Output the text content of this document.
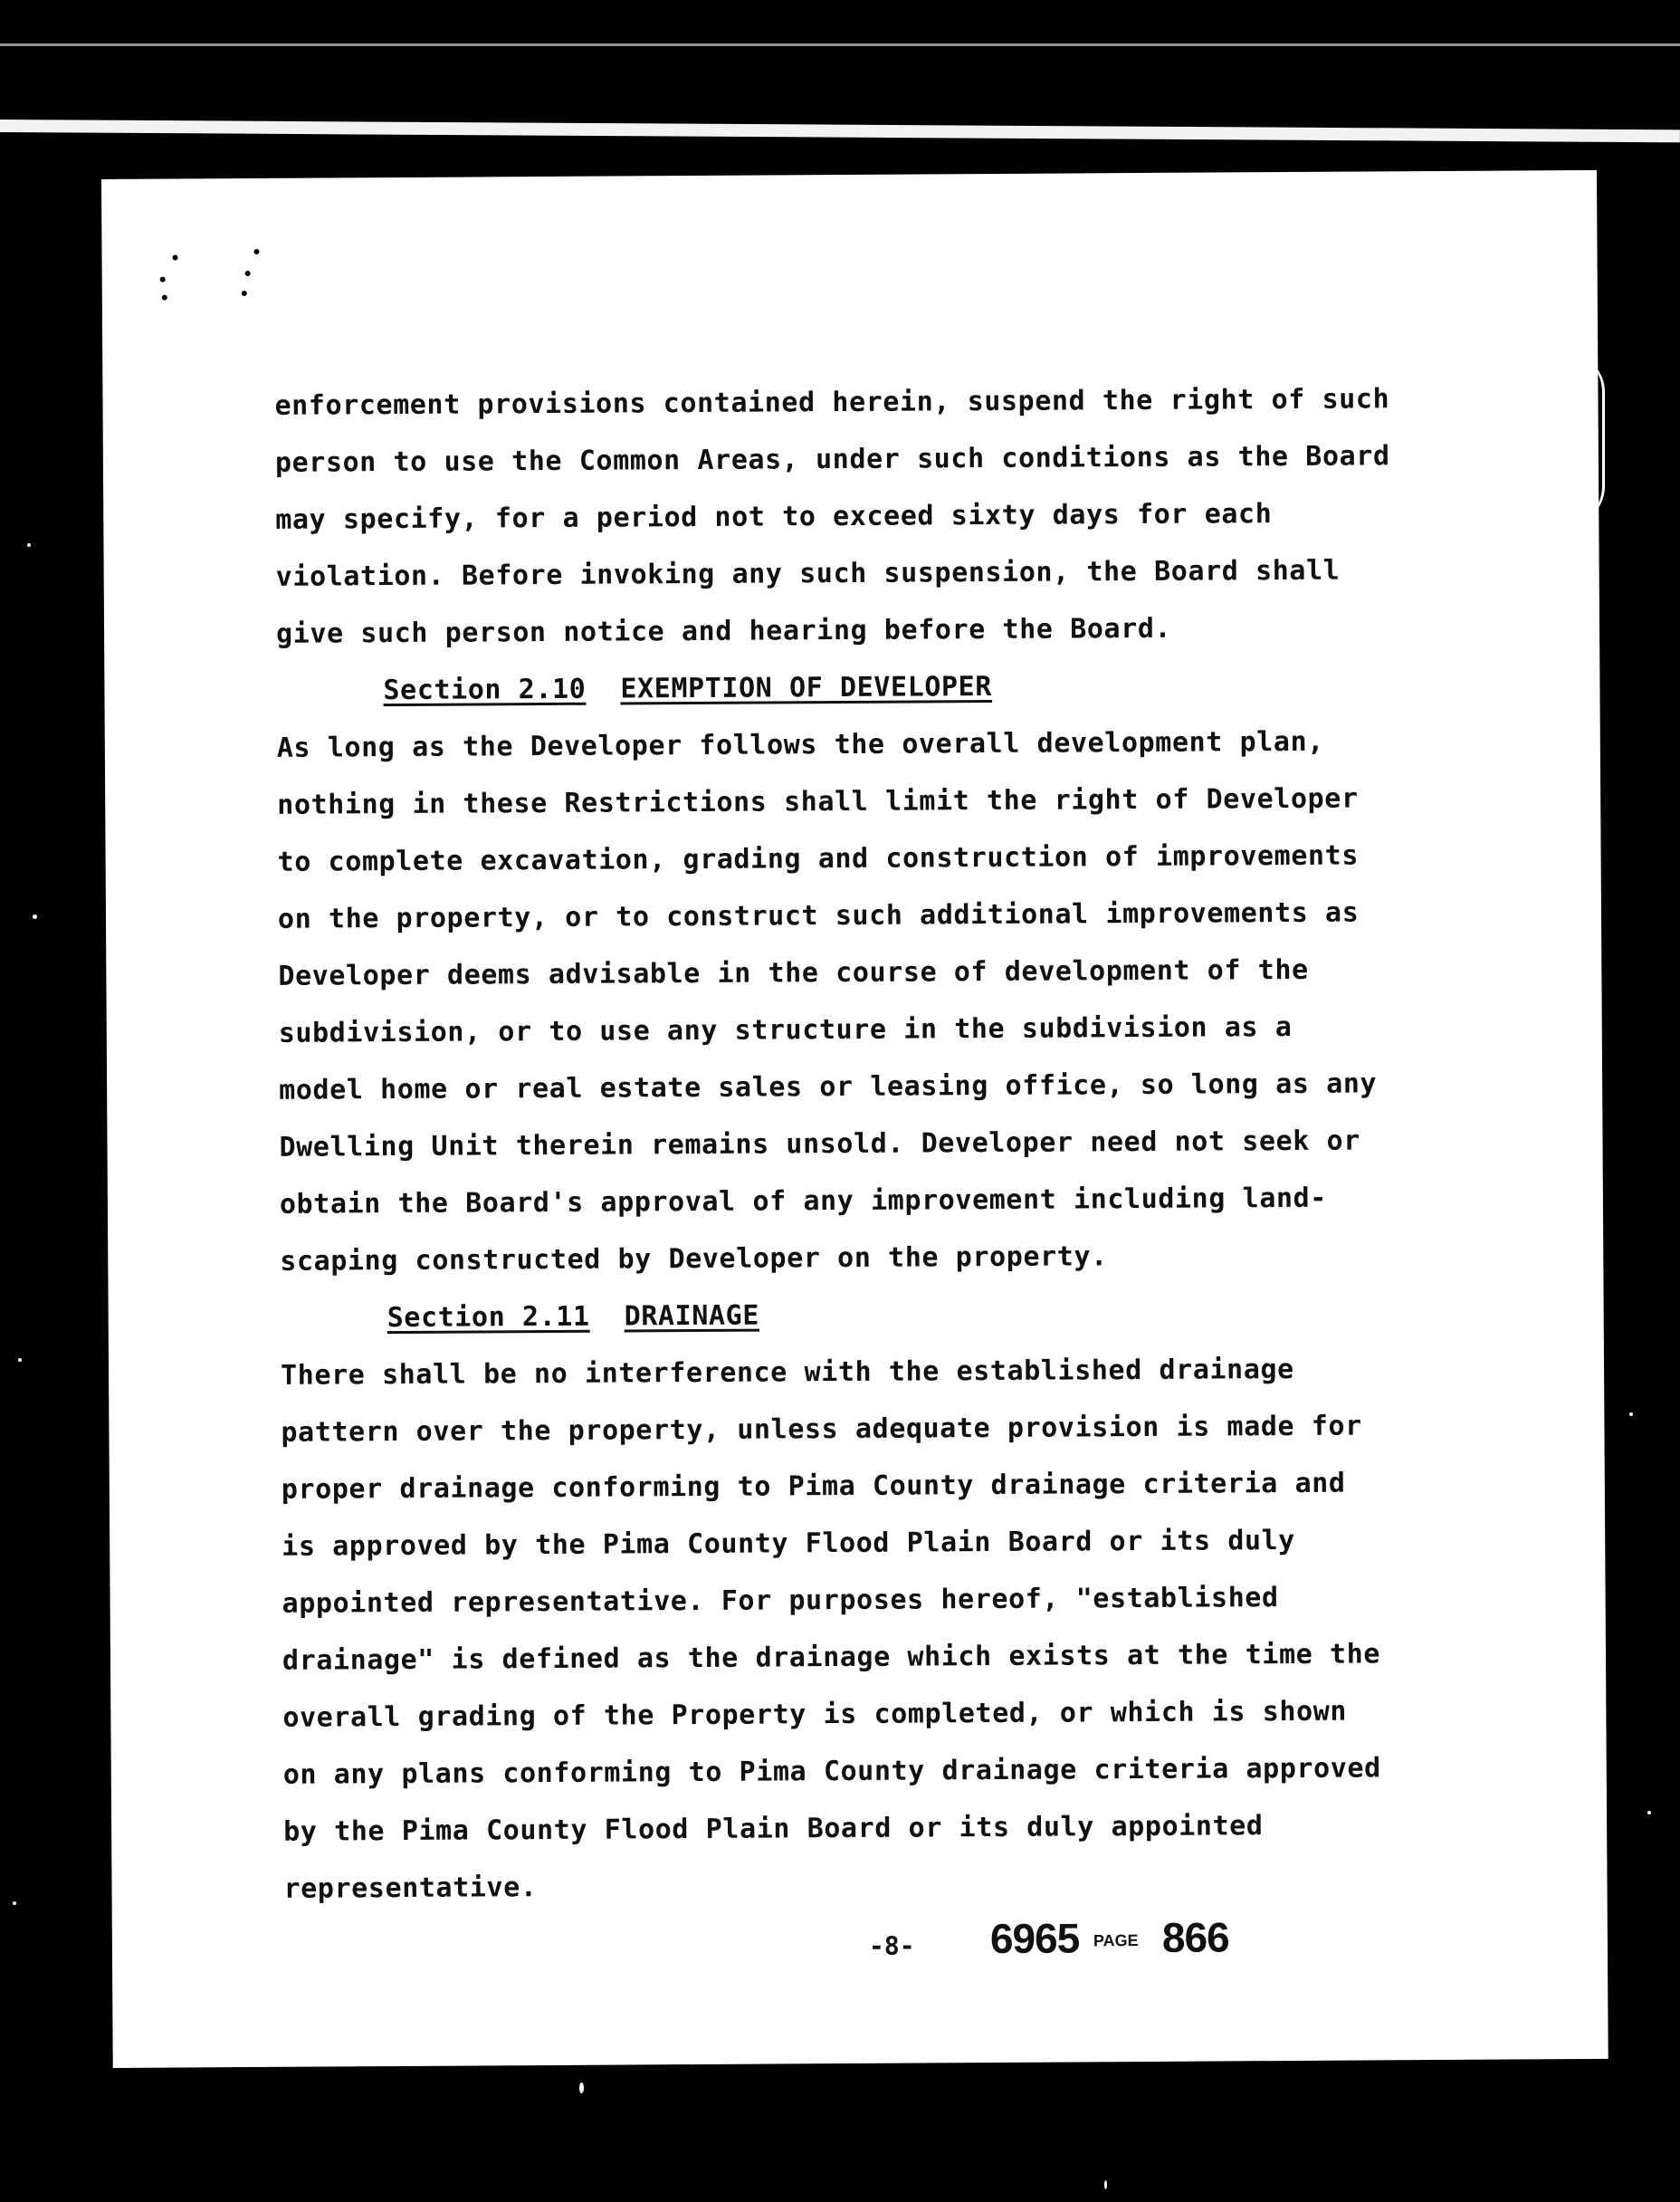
enforcement provisions contained herein, suspend the right of such
person to use the Common Areas, under such conditions as the Board
may specify, for a period not to exceed sixty days for each
violation. Before invoking any such suspension, the Board shall
give such person notice and hearing before the Board.
Section 2.10 EXEMPTION OF DEVELOPER
As long as the Developer follows the overall development plan,
nothing in these Restrictions shall limit the right of Developer
to complete excavation, grading and construction of improvements
on the property, or to construct such additional improvements as
Developer deems advisable in the course of development of the
subdivision, or to use any structure in the subdivision as a
model home or real estate sales or leasing office, so long as any
Dwelling Unit therein remains unsold. Developer need not seek or
obtain the Board's approval of any improvement including land-
scaping constructed by Developer on the property.
Section 2.11 DRAINAGE
There shall be no interference with the established drainage
pattern over the property, unless adequate provision is made for
proper drainage conforming to Pima County drainage criteria and
is approved by the Pima County Flood Plain Board or its duly
appointed representative. For purposes hereof, "established
drainage" is defined as the drainage which exists at the time the
overall grading of the Property is completed, or which is shown
on any plans conforming to Pima County drainage criteria approved
by the Pima County Flood Plain Board or its duly appointed
representative.
-8- 6965 PAGE 866
